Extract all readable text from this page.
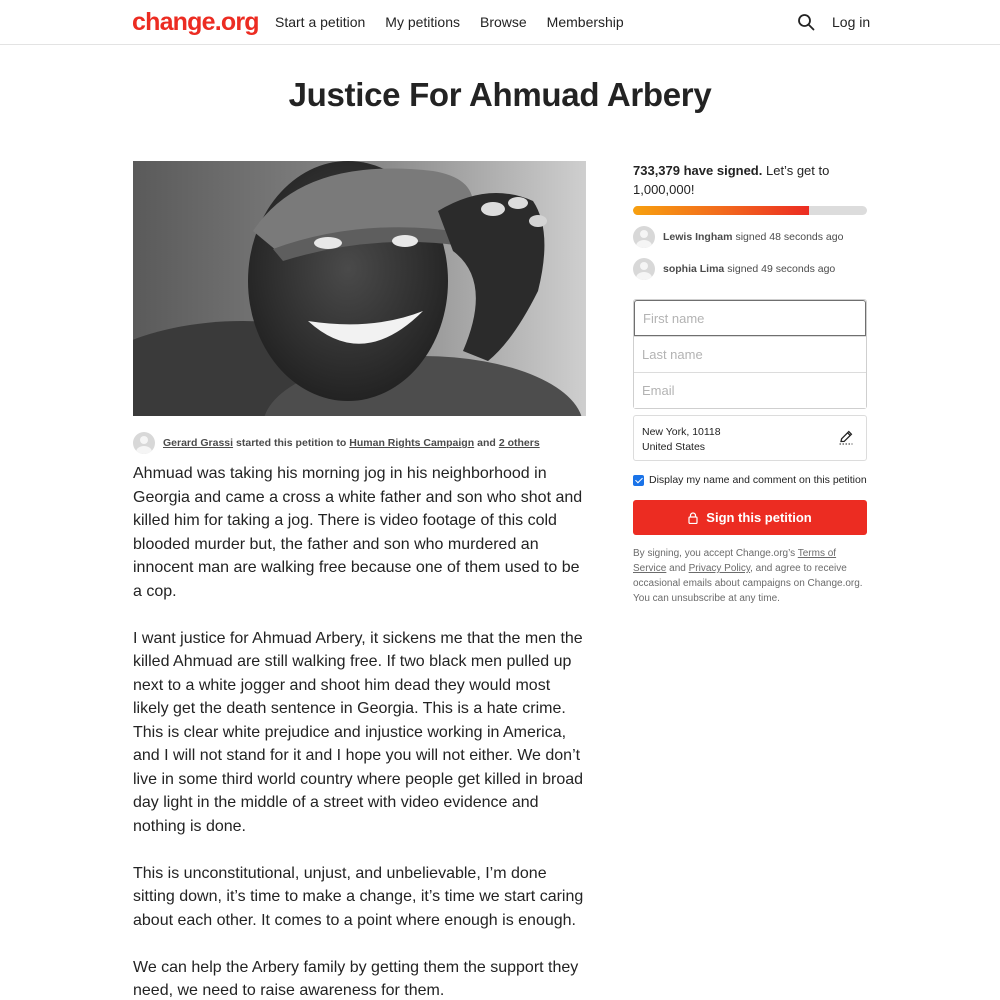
change.org Start a petition My petitions Browse Membership	Log in
Justice For Ahmuad Arbery
Gerard Grassi started this petition to Human Rights Campaign and 2 others

Ahmuad was taking his morning jog in his neighborhood in Georgia and came a cross a white father and son who shot and killed him for taking a jog. There is video footage of this cold blooded murder but, the father and son who murdered an innocent man are walking free because one of them used to be a cop.

I want justice for Ahmuad Arbery, it sickens me that the men the killed Ahmuad are still walking free. If two black men pulled up next to a white jogger and shoot him dead they would most likely get the death sentence in Georgia. This is a hate crime. This is clear white prejudice and injustice working in America, and I will not stand for it and I hope you will not either. We don’t live in some third world country where people get killed in broad day light in the middle of a street with video evidence and nothing is done.

This is unconstitutional, unjust, and unbelievable, I’m done sitting down, it’s time to make a change, it’s time we start caring about each other. It comes to a point where enough is enough.

We can help the Arbery family by getting them the support they need, we need to raise awareness for them.

733,379 have signed. Let’s get to 1,000,000!
Lewis Ingham signed 48 seconds ago
sophia Lima signed 49 seconds ago
First name
Last name
Email
New York, 10118
United States
Display my name and comment on this petition
Sign this petition
By signing, you accept Change.org’s Terms of Service and Privacy Policy, and agree to receive occasional emails about campaigns on Change.org. You can unsubscribe at any time.
